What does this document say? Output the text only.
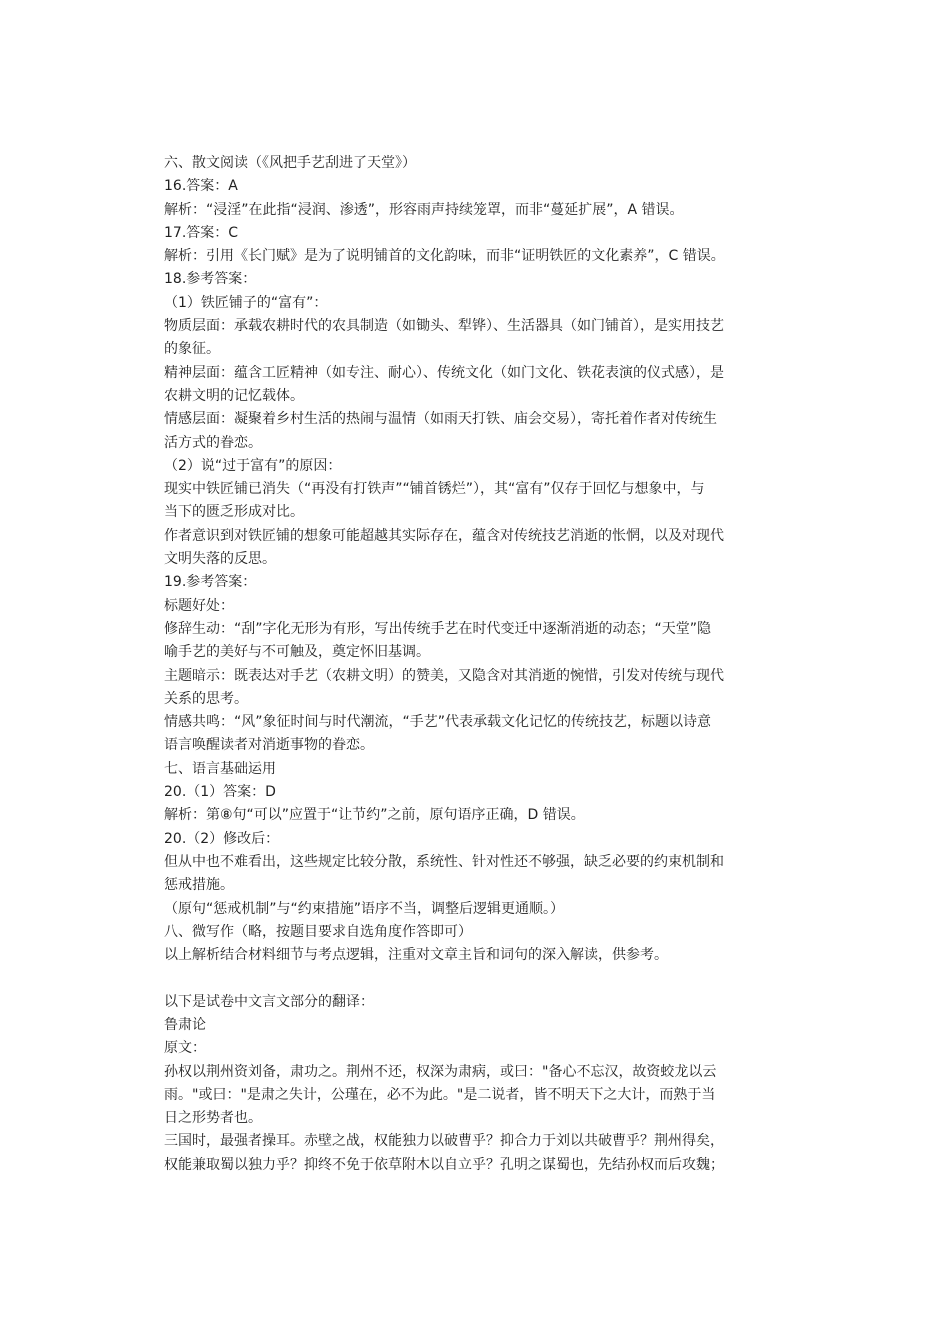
六、散文阅读（《风把手艺刮进了天堂》）
16.答案：A
解析：“浸淫”在此指“浸润、渗透”，形容雨声持续笼罩，而非“蔓延扩展”，A 错误。
17.答案：C
解析：引用《长门赋》是为了说明铺首的文化韵味，而非“证明铁匠的文化素养”，C 错误。
18.参考答案：
（1）铁匠铺子的“富有”：
物质层面：承载农耕时代的农具制造（如锄头、犁铧）、生活器具（如门铺首），是实用技艺
的象征。
精神层面：蕴含工匠精神（如专注、耐心）、传统文化（如门文化、铁花表演的仪式感），是
农耕文明的记忆载体。
情感层面：凝聚着乡村生活的热闹与温情（如雨天打铁、庙会交易），寄托着作者对传统生
活方式的眷恋。
（2）说“过于富有”的原因：
现实中铁匠铺已消失（“再没有打铁声”“铺首锈烂”），其“富有”仅存于回忆与想象中，与
当下的匮乏形成对比。
作者意识到对铁匠铺的想象可能超越其实际存在，蕴含对传统技艺消逝的怅惘，以及对现代
文明失落的反思。
19.参考答案：
标题好处：
修辞生动：“刮”字化无形为有形，写出传统手艺在时代变迁中逐渐消逝的动态；“天堂”隐
喻手艺的美好与不可触及，奠定怀旧基调。
主题暗示：既表达对手艺（农耕文明）的赞美，又隐含对其消逝的惋惜，引发对传统与现代
关系的思考。
情感共鸣：“风”象征时间与时代潮流，“手艺”代表承载文化记忆的传统技艺，标题以诗意
语言唤醒读者对消逝事物的眷恋。
七、语言基础运用
20.（1）答案：D
解析：第⑧句“可以”应置于“让节约”之前，原句语序正确，D 错误。
20.（2）修改后：
但从中也不难看出，这些规定比较分散，系统性、针对性还不够强，缺乏必要的约束机制和
惩戒措施。
（原句“惩戒机制”与“约束措施”语序不当，调整后逻辑更通顺。）
八、微写作（略，按题目要求自选角度作答即可）
以上解析结合材料细节与考点逻辑，注重对文章主旨和词句的深入解读，供参考。
以下是试卷中文言文部分的翻译：
鲁肃论
原文：
孙权以荆州资刘备，肃功之。荆州不还，权深为肃病，或曰："备心不忘汉，故资蛟龙以云
雨。"或曰："是肃之失计，公瑾在，必不为此。"是二说者，皆不明天下之大计，而熟于当
日之形势者也。
三国时，最强者操耳。赤壁之战，权能独力以破曹乎？抑合力于刘以共破曹乎？荆州得矣，
权能兼取蜀以独力乎？抑终不免于依草附木以自立乎？孔明之谋蜀也，先结孙权而后攻魏；
